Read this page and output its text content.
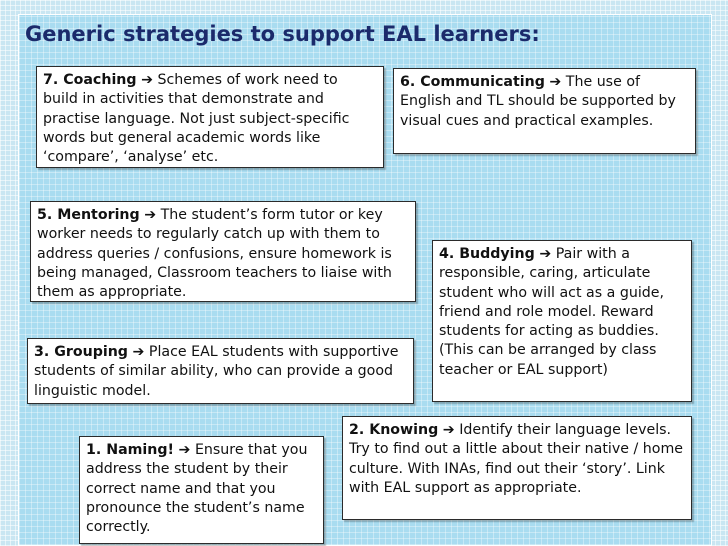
Generic strategies to support EAL learners:
7. Coaching ➔ Schemes of work need to build in activities that demonstrate and practise language. Not just subject-specific words but general academic words like ‘compare’, ‘analyse’ etc.
6. Communicating ➔ The use of English and TL should be supported by visual cues and practical examples.
5. Mentoring ➔ The student’s form tutor or key worker needs to regularly catch up with them to address queries / confusions, ensure homework is being managed, Classroom teachers to liaise with them as appropriate.
4. Buddying ➔ Pair with a responsible, caring, articulate student who will act as a guide, friend and role model. Reward students for acting as buddies. (This can be arranged by class teacher or EAL support)
3. Grouping ➔ Place EAL students with supportive students of similar ability, who can provide a good linguistic model.
2. Knowing ➔ Identify their language levels. Try to find out a little about their native / home culture. With INAs, find out their ‘story’. Link with EAL support as appropriate.
1. Naming! ➔ Ensure that you address the student by their correct name and that you pronounce the student’s name correctly.
